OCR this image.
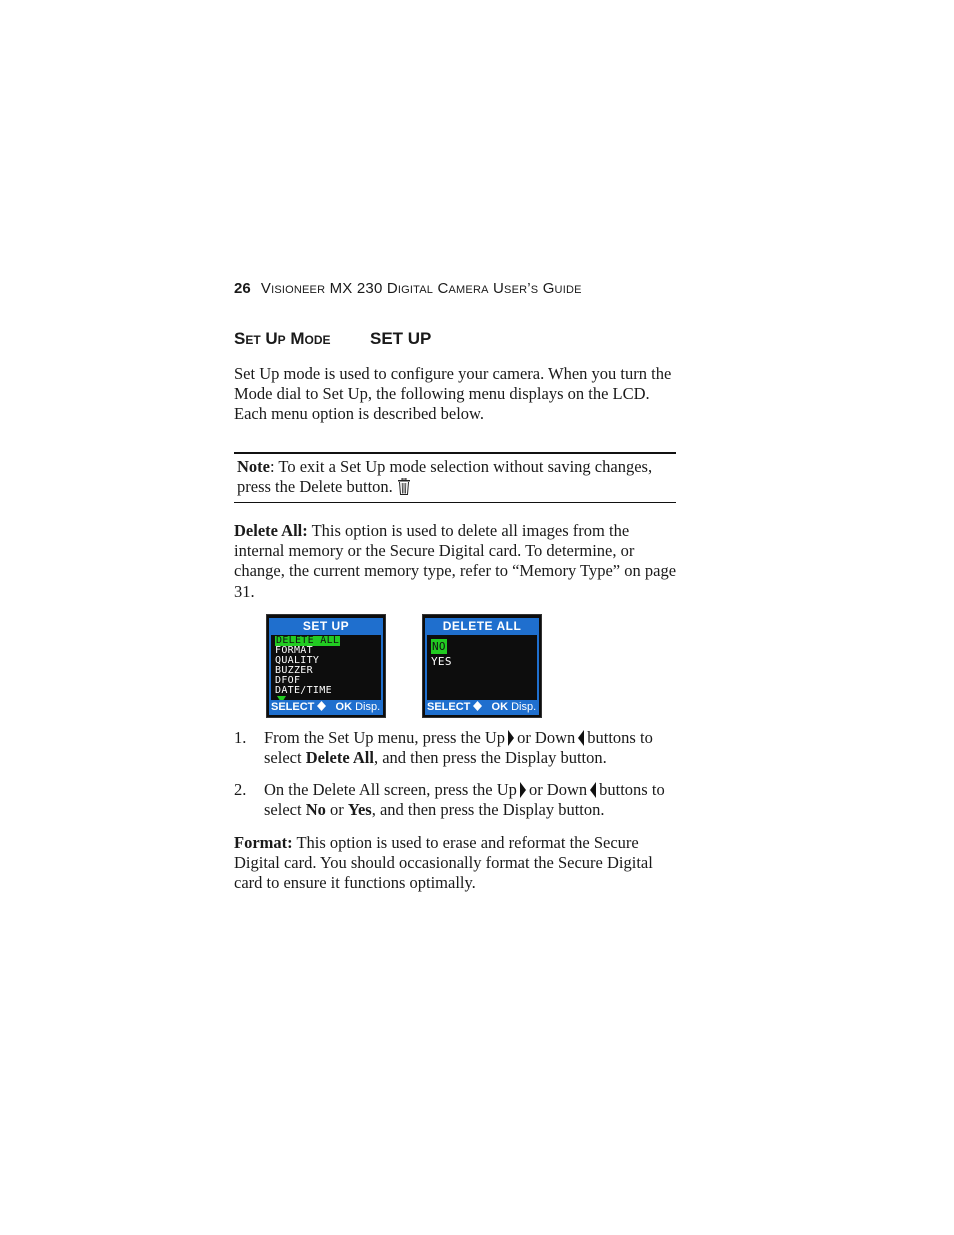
26 Visioneer MX 230 Digital Camera User’s Guide
Set Up Mode SET UP

Set Up mode is used to configure your camera. When you turn the Mode dial to Set Up, the following menu displays on the LCD. Each menu option is described below.

Note: To exit a Set Up mode selection without saving changes, press the Delete button.

Delete All: This option is used to delete all images from the internal memory or the Secure Digital card. To determine, or change, the current memory type, refer to “Memory Type” on page 31.

SET UP
DELETE ALL
FORMAT
QUALITY
BUZZER
DFOF
DATE/TIME
SELECT OK Disp.
DELETE ALL
NO
YES
SELECT OK Disp.

1. From the Set Up menu, press the Up or Down buttons to select Delete All, and then press the Display button.

2. On the Delete All screen, press the Up or Down buttons to select No or Yes, and then press the Display button.

Format: This option is used to erase and reformat the Secure Digital card. You should occasionally format the Secure Digital card to ensure it functions optimally.
